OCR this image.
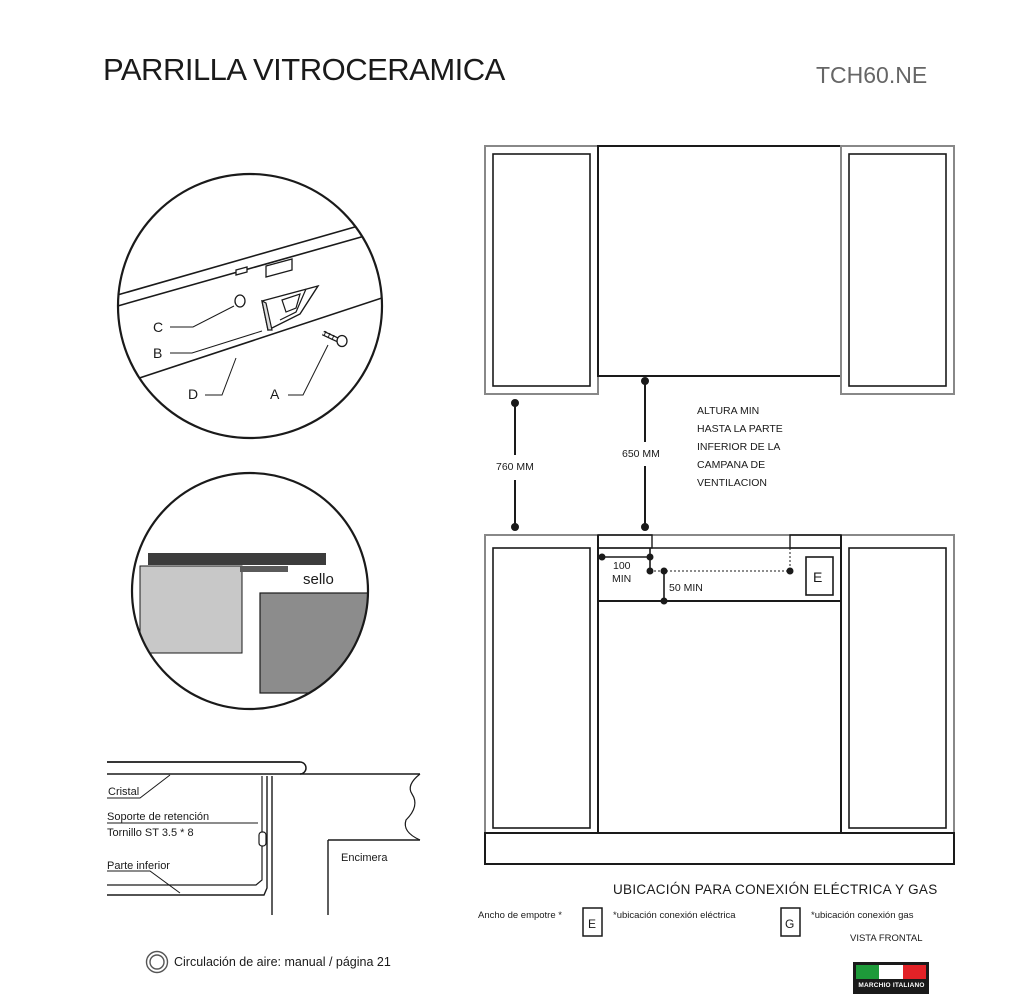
PARRILLA VITROCERAMICA	TCH60.NE
C
B
D	A
sello
Cristal
Soporte de retención
Tornillo ST 3.5 * 8
Parte inferior
Encimera
760 MM
650 MM
ALTURA MIN
HASTA LA PARTE
INFERIOR DE LA
CAMPANA DE
VENTILACION
100
MIN
50 MIN
E
E	G
UBICACIÓN PARA CONEXIÓN ELÉCTRICA Y GAS
Ancho de empotre *	*ubicación conexión eléctrica	*ubicación conexión gas
VISTA FRONTAL
Circulación de aire: manual / página 21
MARCHIO ITALIANO
